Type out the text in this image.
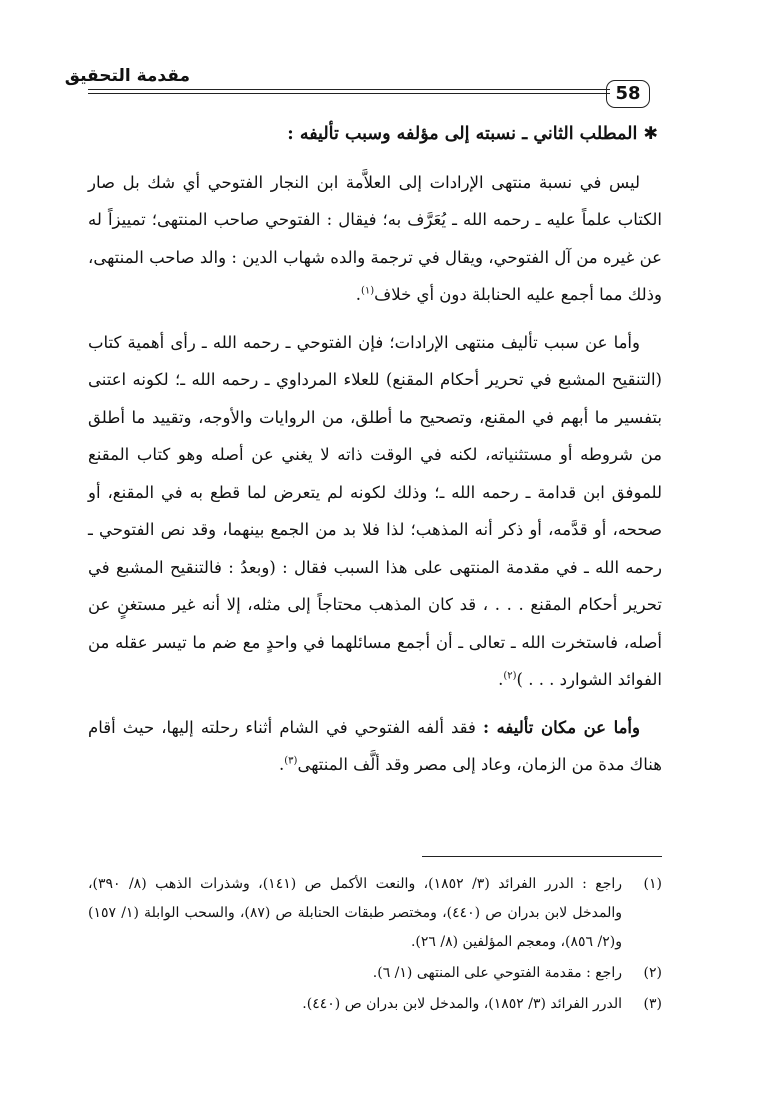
مقدمة التحقيق
58
✱المطلب الثاني ـ نسبته إلى مؤلفه وسبب تأليفه :

ليس في نسبة منتهى الإرادات إلى العلاَّمة ابن النجار الفتوحي أي شك بل صار الكتاب علماً عليه ـ رحمه الله ـ يُعَرَّف به؛ فيقال : الفتوحي صاحب المنتهى؛ تمييزاً له عن غيره من آل الفتوحي، ويقال في ترجمة والده شهاب الدين : والد صاحب المنتهى، وذلك مما أجمع عليه الحنابلة دون أي خلاف$^{(١)}$.

وأما عن سبب تأليف منتهى الإرادات؛ فإن الفتوحي ـ رحمه الله ـ رأى أهمية كتاب (التنقيح المشبع في تحرير أحكام المقنع) للعلاء المرداوي ـ رحمه الله ـ؛ لكونه اعتنى بتفسير ما أبهم في المقنع، وتصحيح ما أطلق، من الروايات والأوجه، وتقييد ما أطلق من شروطه أو مستثنياته، لكنه في الوقت ذاته لا يغني عن أصله وهو كتاب المقنع للموفق ابن قدامة ـ رحمه الله ـ؛ وذلك لكونه لم يتعرض لما قطع به في المقنع، أو صححه، أو قدَّمه، أو ذكر أنه المذهب؛ لذا فلا بد من الجمع بينهما، وقد نص الفتوحي ـ رحمه الله ـ في مقدمة المنتهى على هذا السبب فقال : (وبعدُ : فالتنقيح المشبع في تحرير أحكام المقنع . . . ، قد كان المذهب محتاجاً إلى مثله، إلا أنه غير مستغنٍ عن أصله، فاستخرت الله ـ تعالى ـ أن أجمع مسائلهما في واحدٍ مع ضم ما تيسر عقله من الفوائد الشوارد . . . )$^{(٢)}$.

وأما عن مكان تأليفه : فقد ألفه الفتوحي في الشام أثناء رحلته إليها، حيث أقام هناك مدة من الزمان، وعاد إلى مصر وقد ألَّف المنتهى$^{(٣)}$.

(١)
راجع : الدرر الفرائد (٣/ ١٨٥٢)، والنعت الأكمل ص (١٤١)، وشذرات الذهب (٨/ ٣٩٠)، والمدخل لابن بدران ص (٤٤٠)، ومختصر طبقات الحنابلة ص (٨٧)، والسحب الوابلة (١/ ١٥٧) و(٢/ ٨٥٦)، ومعجم المؤلفين (٨/ ٢٦).
(٢)
راجع : مقدمة الفتوحي على المنتهى (١/ ٦).
(٣)
الدرر الفرائد (٣/ ١٨٥٢)، والمدخل لابن بدران ص (٤٤٠).
